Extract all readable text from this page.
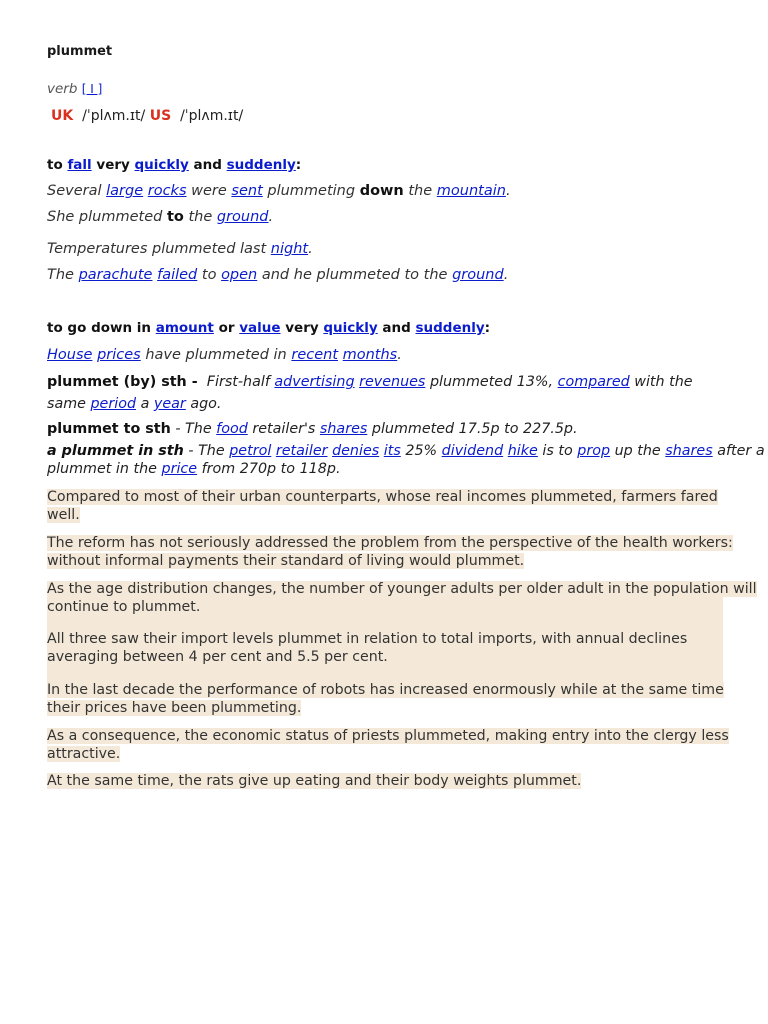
plummet
verb [ I ]
UK /ˈplʌm.ɪt/ US /ˈplʌm.ɪt/
to fall very quickly and suddenly:
Several large rocks were sent plummeting down the mountain.
She plummeted to the ground.
Temperatures plummeted last night.
The parachute failed to open and he plummeted to the ground.
to go down in amount or value very quickly and suddenly:
House prices have plummeted in recent months.
plummet (by) sth - First-half advertising revenues plummeted 13%, compared with the
same period a year ago.
plummet to sth - The food retailer's shares plummeted 17.5p to 227.5p.
a plummet in sth - The petrol retailer denies its 25% dividend hike is to prop up the shares after a
plummet in the price from 270p to 118p.
Compared to most of their urban counterparts, whose real incomes plummeted, farmers fared
well.
The reform has not seriously addressed the problem from the perspective of the health workers:
without informal payments their standard of living would plummet.
As the age distribution changes, the number of younger adults per older adult in the population will
continue to plummet.
All three saw their import levels plummet in relation to total imports, with annual declines
averaging between 4 per cent and 5.5 per cent.
In the last decade the performance of robots has increased enormously while at the same time
their prices have been plummeting.
As a consequence, the economic status of priests plummeted, making entry into the clergy less
attractive.
At the same time, the rats give up eating and their body weights plummet.
